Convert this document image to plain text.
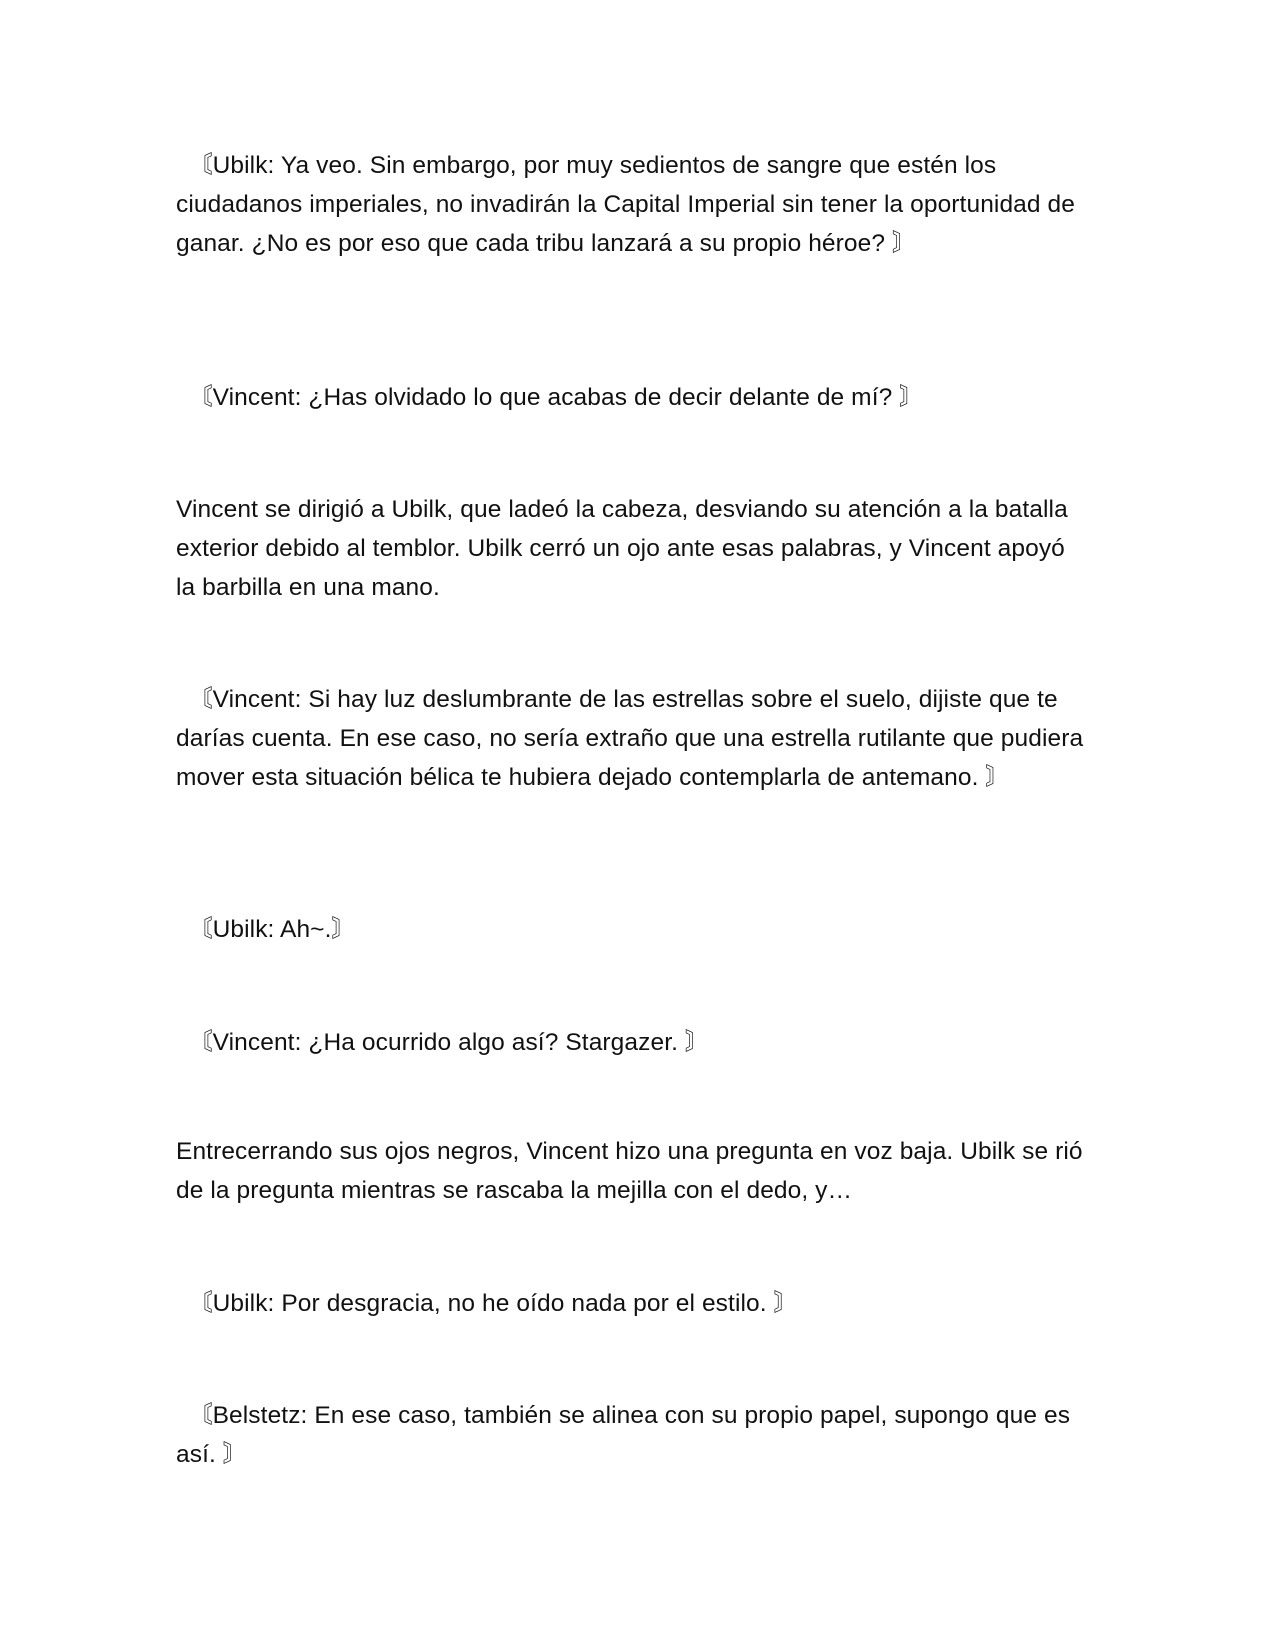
〘Ubilk: Ya veo. Sin embargo, por muy sedientos de sangre que estén los ciudadanos imperiales, no invadirán la Capital Imperial sin tener la oportunidad de ganar. ¿No es por eso que cada tribu lanzará a su propio héroe? 〙

〘Vincent: ¿Has olvidado lo que acabas de decir delante de mí? 〙

Vincent se dirigió a Ubilk, que ladeó la cabeza, desviando su atención a la batalla exterior debido al temblor. Ubilk cerró un ojo ante esas palabras, y Vincent apoyó la barbilla en una mano.

〘Vincent: Si hay luz deslumbrante de las estrellas sobre el suelo, dijiste que te darías cuenta. En ese caso, no sería extraño que una estrella rutilante que pudiera mover esta situación bélica te hubiera dejado contemplarla de antemano. 〙

〘Ubilk: Ah~.〙

〘Vincent: ¿Ha ocurrido algo así? Stargazer. 〙

Entrecerrando sus ojos negros, Vincent hizo una pregunta en voz baja. Ubilk se rió de la pregunta mientras se rascaba la mejilla con el dedo, y…

〘Ubilk: Por desgracia, no he oído nada por el estilo. 〙

〘Belstetz: En ese caso, también se alinea con su propio papel, supongo que es así. 〙
